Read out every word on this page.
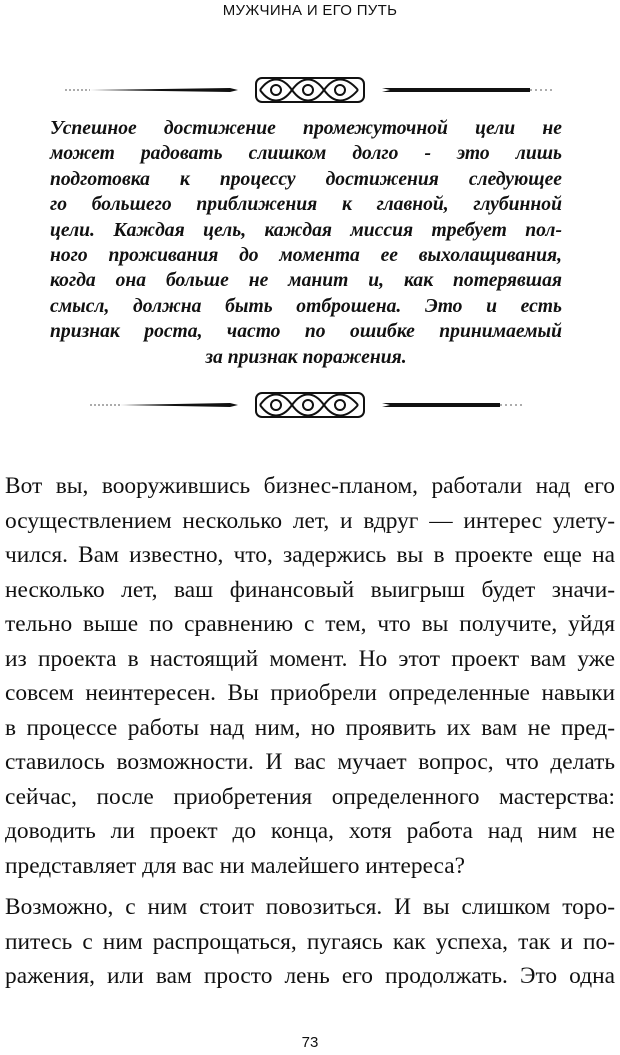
МУЖЧИНА И ЕГО ПУТЬ
Успешное достижение промежуточной цели не
может радовать слишком долго - это лишь
подготовка к процессу достижения следующее
го большего приближения к главной, глубинной
цели. Каждая цель, каждая миссия требует пол-
ного проживания до момента ее выхолащивания,
когда она больше не манит и, как потерявшая
смысл, должна быть отброшена. Это и есть
признак роста, часто по ошибке принимаемый
за признак поражения.
Вот вы, вооружившись бизнес-планом, работали над его
осуществлением несколько лет, и вдруг — интерес улету-
чился. Вам известно, что, задержись вы в проекте еще на
несколько лет, ваш финансовый выигрыш будет значи-
тельно выше по сравнению с тем, что вы получите, уйдя
из проекта в настоящий момент. Но этот проект вам уже
совсем неинтересен. Вы приобрели определенные навыки
в процессе работы над ним, но проявить их вам не пред-
ставилось возможности. И вас мучает вопрос, что делать
сейчас, после приобретения определенного мастерства:
доводить ли проект до конца, хотя работа над ним не
представляет для вас ни малейшего интереса?
Возможно, с ним стоит повозиться. И вы слишком торо-
питесь с ним распрощаться, пугаясь как успеха, так и по-
ражения, или вам просто лень его продолжать. Это одна
73
